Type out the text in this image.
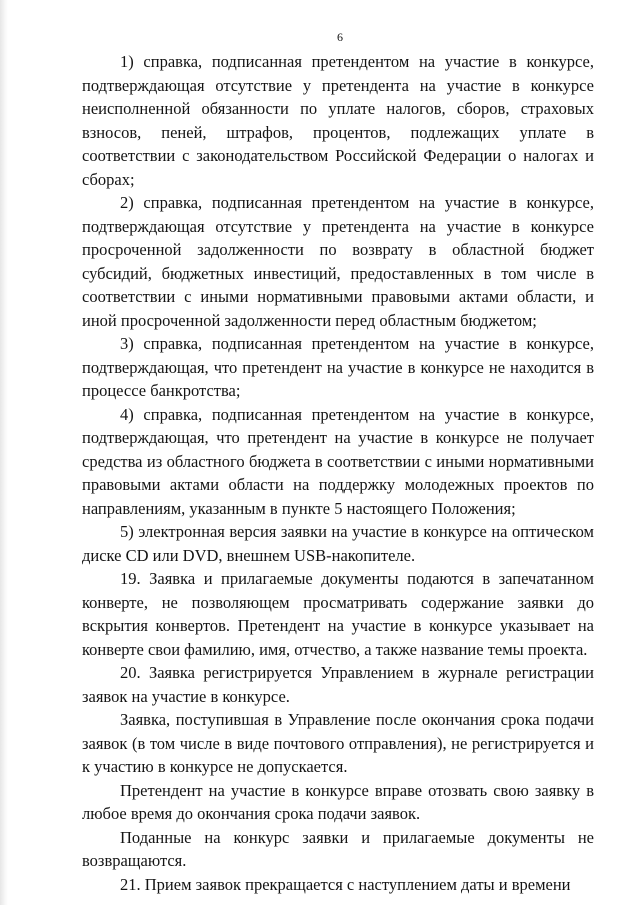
6

1) справка, подписанная претендентом на участие в конкурсе, подтверждающая отсутствие у претендента на участие в конкурсе неисполненной обязанности по уплате налогов, сборов, страховых взносов, пеней, штрафов, процентов, подлежащих уплате в соответствии с законодательством Российской Федерации о налогах и сборах;

2) справка, подписанная претендентом на участие в конкурсе, подтверждающая отсутствие у претендента на участие в конкурсе просроченной задолженности по возврату в областной бюджет субсидий, бюджетных инвестиций, предоставленных в том числе в соответствии с иными нормативными правовыми актами области, и иной просроченной задолженности перед областным бюджетом;

3) справка, подписанная претендентом на участие в конкурсе, подтверждающая, что претендент на участие в конкурсе не находится в процессе банкротства;

4) справка, подписанная претендентом на участие в конкурсе, подтверждающая, что претендент на участие в конкурсе не получает средства из областного бюджета в соответствии с иными нормативными правовыми актами области на поддержку молодежных проектов по направлениям, указанным в пункте 5 настоящего Положения;

5) электронная версия заявки на участие в конкурсе на оптическом диске CD или DVD, внешнем USB-накопителе.

19. Заявка и прилагаемые документы подаются в запечатанном конверте, не позволяющем просматривать содержание заявки до вскрытия конвертов. Претендент на участие в конкурсе указывает на конверте свои фамилию, имя, отчество, а также название темы проекта.

20. Заявка регистрируется Управлением в журнале регистрации заявок на участие в конкурсе.

Заявка, поступившая в Управление после окончания срока подачи заявок (в том числе в виде почтового отправления), не регистрируется и к участию в конкурсе не допускается.

Претендент на участие в конкурсе вправе отозвать свою заявку в любое время до окончания срока подачи заявок.

Поданные на конкурс заявки и прилагаемые документы не возвращаются.

21. Прием заявок прекращается с наступлением даты и времени
